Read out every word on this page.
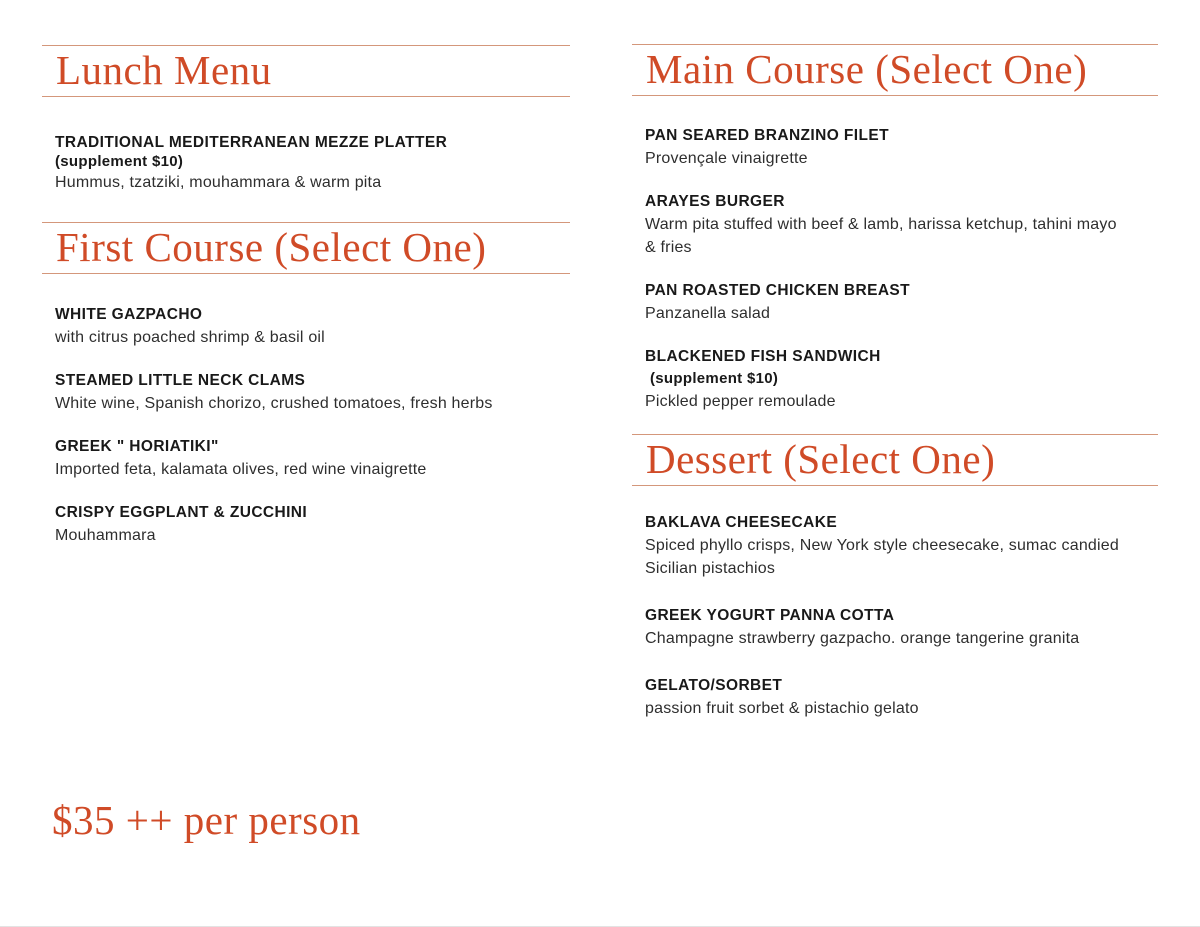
Lunch Menu
TRADITIONAL MEDITERRANEAN MEZZE PLATTER
(supplement $10)
Hummus, tzatziki, mouhammara & warm pita
First Course (Select One)
WHITE GAZPACHO
with citrus poached shrimp & basil oil
STEAMED LITTLE NECK CLAMS
White wine, Spanish chorizo, crushed tomatoes, fresh herbs
GREEK " HORIATIKI"
Imported feta, kalamata olives, red wine vinaigrette
CRISPY EGGPLANT & ZUCCHINI
Mouhammara
Main Course (Select One)
PAN SEARED BRANZINO FILET
Provençale vinaigrette
ARAYES BURGER
Warm pita stuffed with beef & lamb, harissa ketchup, tahini mayo & fries
PAN ROASTED CHICKEN BREAST
Panzanella salad
BLACKENED FISH SANDWICH
(supplement $10)
Pickled pepper remoulade
Dessert (Select One)
BAKLAVA CHEESECAKE
Spiced phyllo crisps, New York style cheesecake, sumac candied Sicilian pistachios
GREEK YOGURT PANNA COTTA
Champagne strawberry gazpacho. orange tangerine granita
GELATO/SORBET
passion fruit sorbet & pistachio gelato
$35 ++ per person
